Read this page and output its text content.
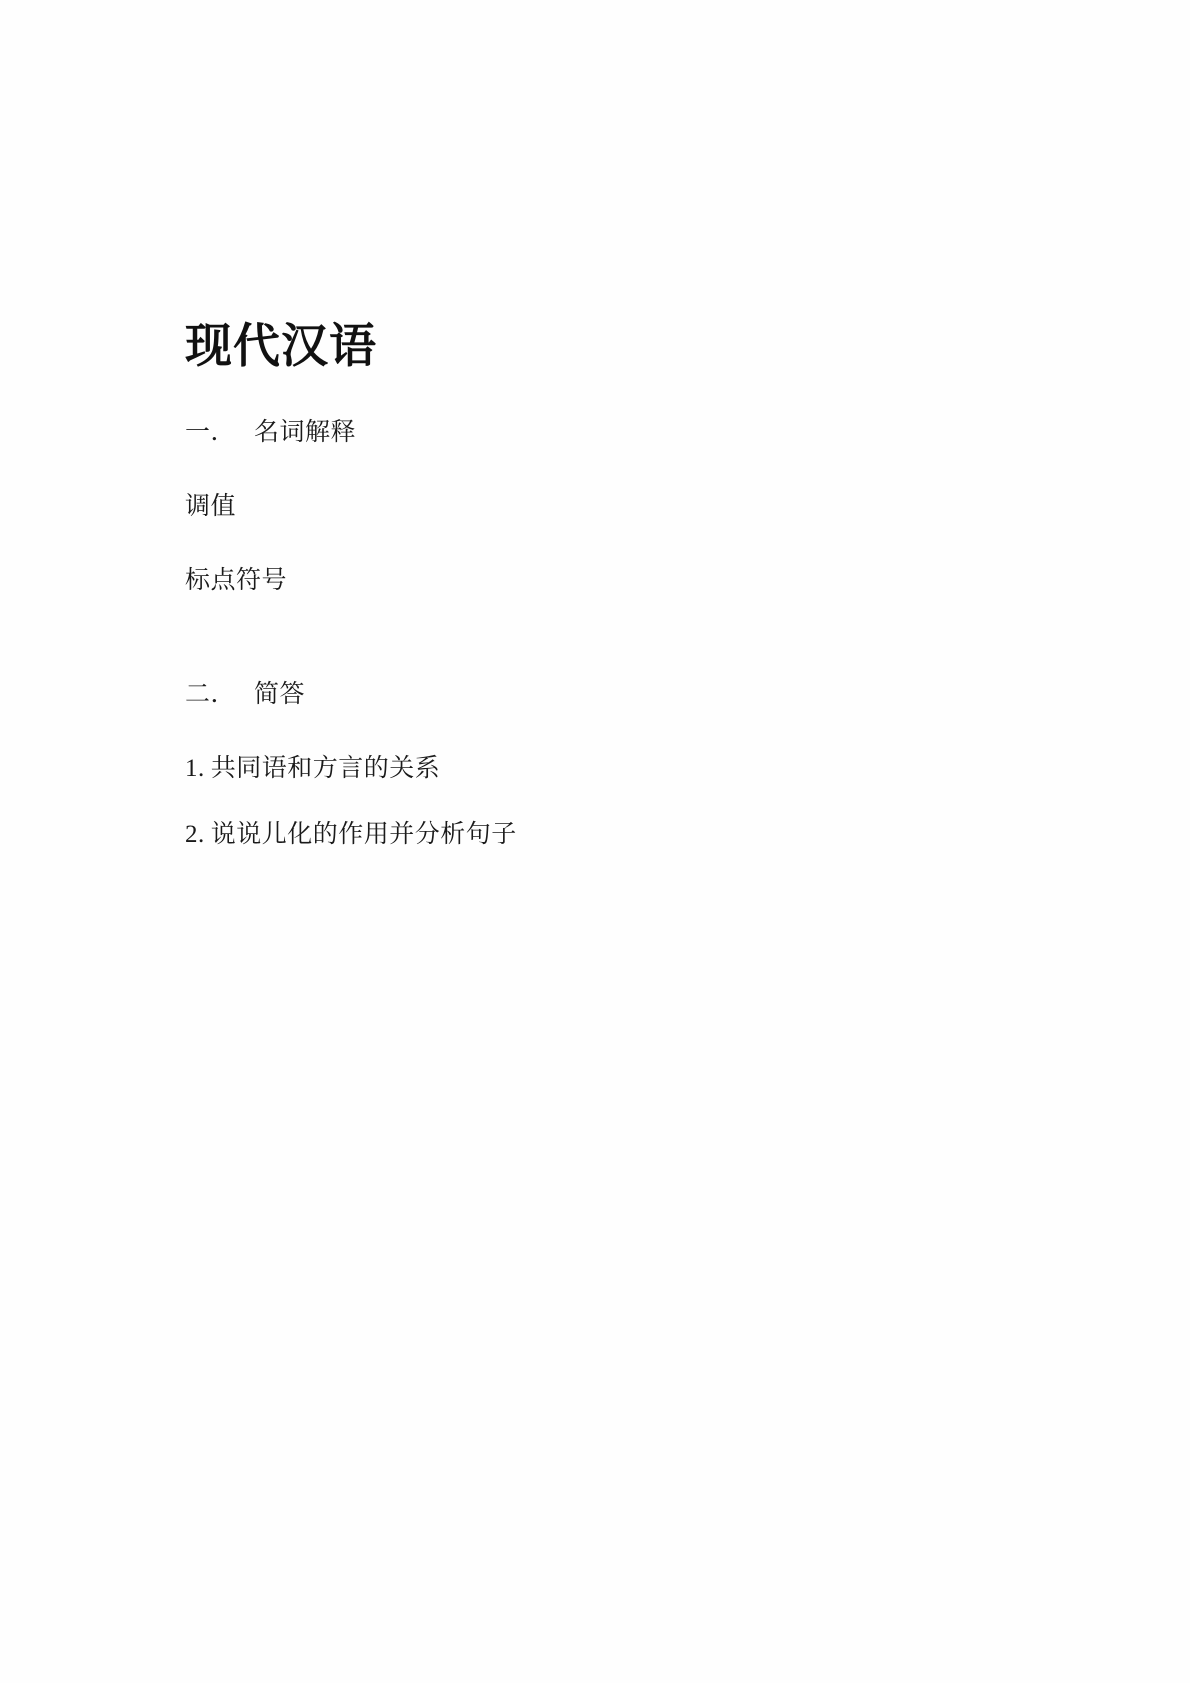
现代汉语

一． 名词解释

调值

标点符号

二． 简答

1. 共同语和方言的关系

2. 说说儿化的作用并分析句子
